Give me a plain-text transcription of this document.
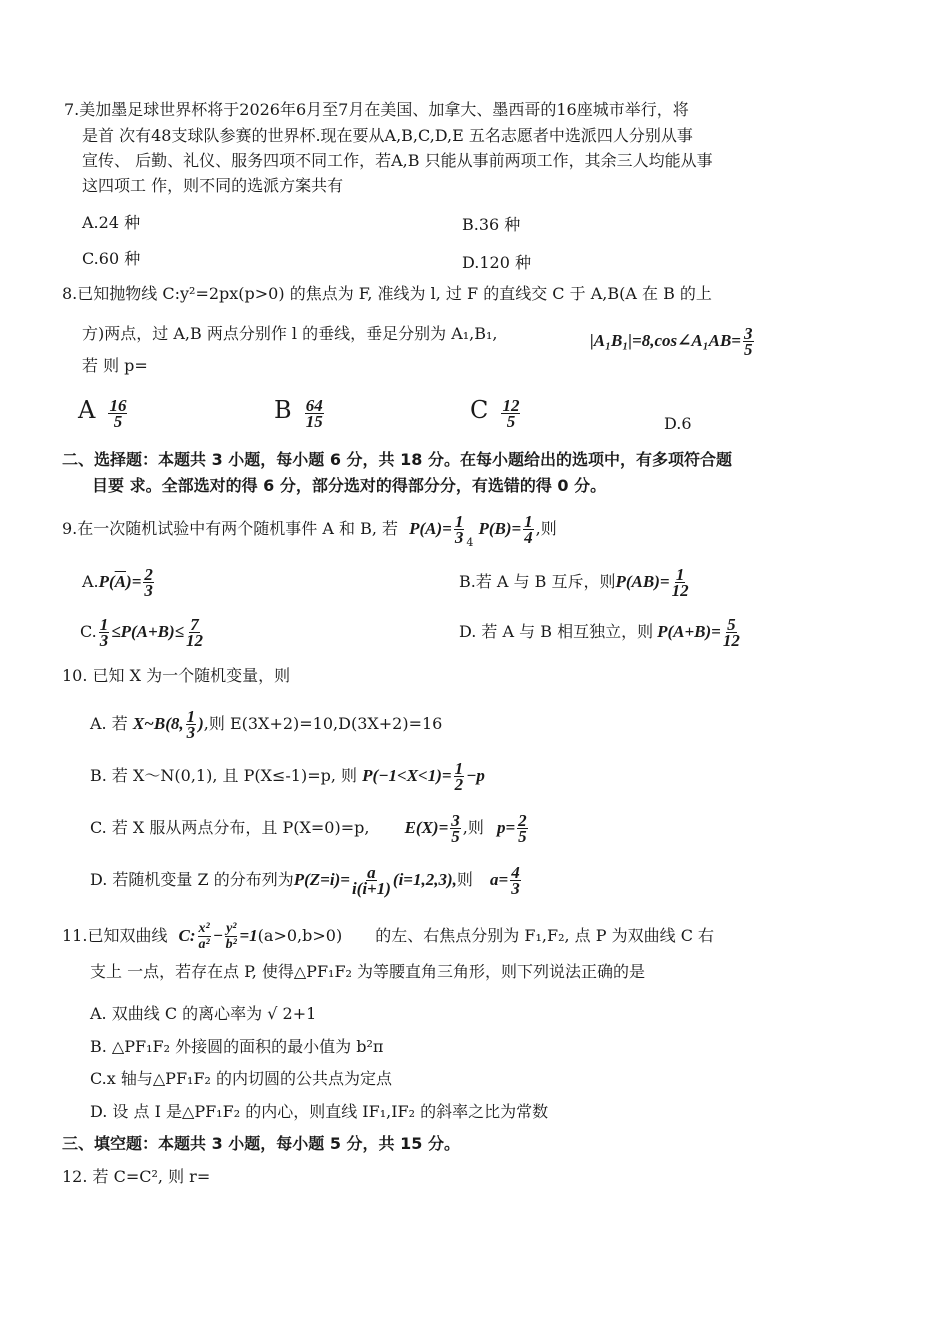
7.美加墨足球世界杯将于2026年6月至7月在美国、加拿大、墨西哥的16座城市举行，将
是首 次有48支球队参赛的世界杯.现在要从A,B,C,D,E 五名志愿者中选派四人分别从事
宣传、 后勤、礼仪、服务四项不同工作，若A,B 只能从事前两项工作，其余三人均能从事
这四项工 作，则不同的选派方案共有
A.24 种	B.36 种
C.60 种	D.120 种
8.已知抛物线 C:y²=2px(p>0) 的焦点为 F, 准线为 l, 过 F 的直线交 C 于 A,B(A 在 B 的上
方)两点，过 A,B 两点分别作 l 的垂线，垂足分别为 A₁,B₁,	|A₁B₁|=8,cos∠A₁AB= $\frac{3}{5}$
若 则 p=
A $\frac{16}{5}$	B $\frac{64}{15}$	C $\frac{12}{5}$	D.6
二、选择题：本题共 3 小题，每小题 6 分，共 18 分。在每小题给出的选项中，有多项符合题
目要 求。全部选对的得 6 分，部分选对的得部分分，有选错的得 0 分。
9.在一次随机试验中有两个随机事件 A 和 B, 若 $P(A)= \frac{1}{3} _4$ $P(B)= \frac{1}{4}$ ,则
$A.P(\overline{A})= \frac{2}{3}$	B.若 A 与 B 互斥，则$P(AB)= \frac{1}{12}$
C. $\frac{1}{3} \le P(A+B)\le \frac{7}{12}$	D. 若 A 与 B 相互独立，则 $P(A+B)= \frac{5}{12}$
10. 已知 X 为一个随机变量，则
A. 若 X~B(8, $\frac{1}{3}$ ),则 E(3X+2)=10,D(3X+2)=16
B. 若 X～N(0,1), 且 P(X≤-1)=p, 则 $P(-1<X<1)= \frac{1}{2} -p$
C. 若 X 服从两点分布，且 P(X=0)=p, $E(X)= \frac{3}{5}$ ,则 $p= \frac{2}{5}$
D. 若随机变量 Z 的分布列为$P(Z=i)= \frac{a}{i(i+1)} (i=1,2,3)$,则 $a= \frac{4}{3}$
11.已知双曲线 C: $\frac{\text{x²}}{\text{a²}} - \frac{\text{y²}}{\text{b²}} =1(a>0,b>0)$ 的左、右焦点分别为 F₁,F₂, 点 P 为双曲线 C 右
支上 一点，若存在点 P, 使得△PF₁F₂ 为等腰直角三角形，则下列说法正确的是
A. 双曲线 C 的离心率为 √ 2+1
B. △PF₁F₂ 外接圆的面积的最小值为 b²π
C.x 轴与△PF₁F₂ 的内切圆的公共点为定点
D. 设 点 I 是△PF₁F₂ 的内心，则直线 IF₁,IF₂ 的斜率之比为常数
三、填空题：本题共 3 小题，每小题 5 分，共 15 分。
12. 若 C=C², 则 r=
